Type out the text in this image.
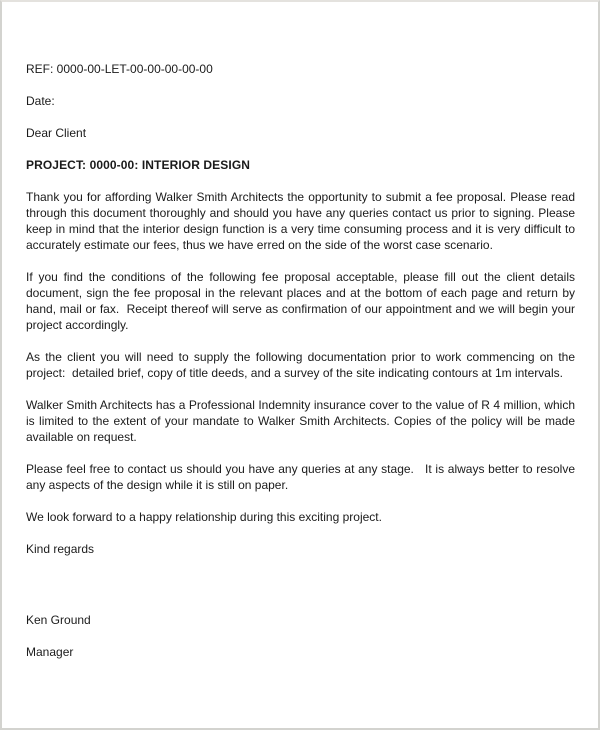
REF: 0000-00-LET-00-00-00-00-00
Date:
Dear Client
PROJECT: 0000-00: INTERIOR DESIGN

Thank you for affording Walker Smith Architects the opportunity to submit a fee proposal. Please read through this document thoroughly and should you have any queries contact us prior to signing. Please keep in mind that the interior design function is a very time consuming process and it is very difficult to accurately estimate our fees, thus we have erred on the side of the worst case scenario.

If you find the conditions of the following fee proposal acceptable, please fill out the client details document, sign the fee proposal in the relevant places and at the bottom of each page and return by hand, mail or fax.  Receipt thereof will serve as confirmation of our appointment and we will begin your project accordingly.

As the client you will need to supply the following documentation prior to work commencing on the project:  detailed brief, copy of title deeds, and a survey of the site indicating contours at 1m intervals.

Walker Smith Architects has a Professional Indemnity insurance cover to the value of R 4 million, which is limited to the extent of your mandate to Walker Smith Architects. Copies of the policy will be made available on request.

Please feel free to contact us should you have any queries at any stage.   It is always better to resolve any aspects of the design while it is still on paper.

We look forward to a happy relationship during this exciting project.

Kind regards
Ken Ground
Manager
